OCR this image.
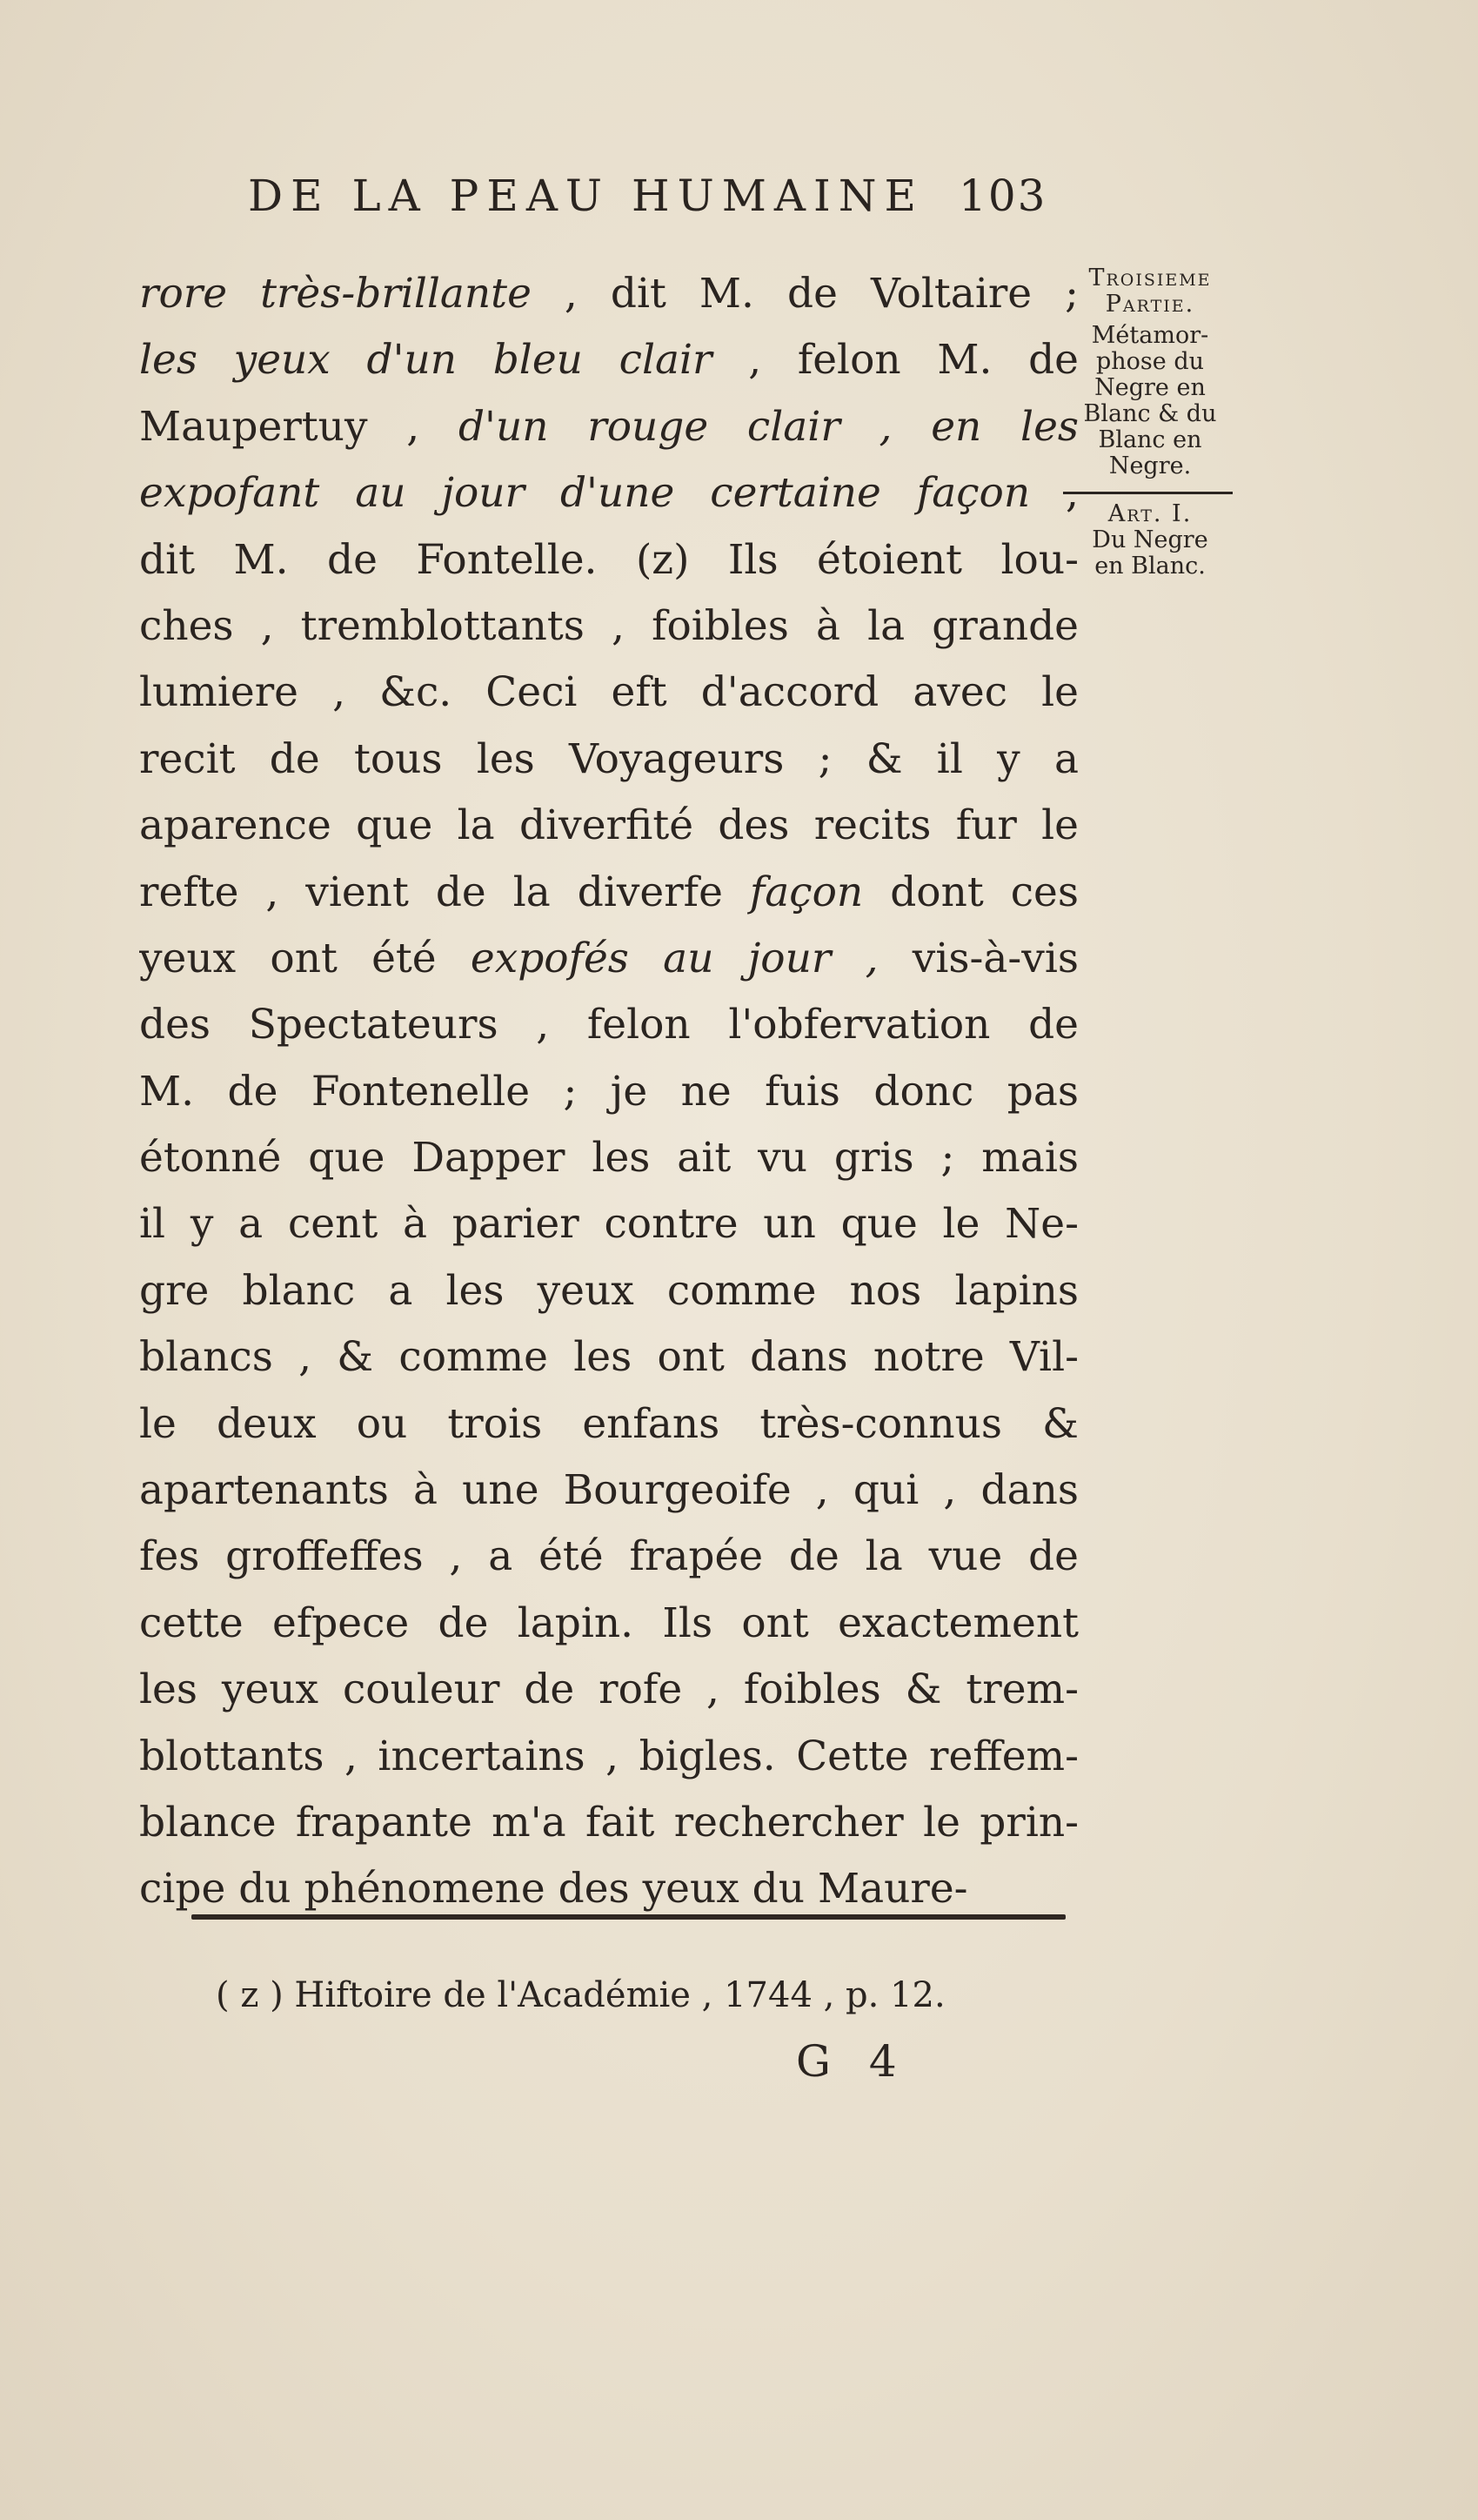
DE LA PEAU HUMAINE 103
rore très-brillante , dit M. de Voltaire ;
les yeux d'un bleu clair , felon M. de
Maupertuy , d'un rouge clair , en les
expofant au jour d'une certaine façon ,
dit M. de Fontelle. (z) Ils étoient lou-
ches , tremblottants , foibles à la grande
lumiere , &c. Ceci eft d'accord avec le
recit de tous les Voyageurs ; & il y a
aparence que la diverfité des recits fur le
refte , vient de la diverfe façon dont ces
yeux ont été expofés au jour , vis-à-vis
des Spectateurs , felon l'obfervation de
M. de Fontenelle ; je ne fuis donc pas
étonné que Dapper les ait vu gris ; mais
il y a cent à parier contre un que le Ne-
gre blanc a les yeux comme nos lapins
blancs , & comme les ont dans notre Vil-
le deux ou trois enfans très-connus &
apartenants à une Bourgeoife , qui , dans
fes groffeffes , a été frapée de la vue de
cette efpece de lapin. Ils ont exactement
les yeux couleur de rofe , foibles & trem-
blottants , incertains , bigles. Cette reffem-
blance frapante m'a fait rechercher le prin-
cipe du phénomene des yeux du Maure-
Troisieme
Partie.
Métamor-
phose du
Negre en
Blanc & du
Blanc en
Negre.
Art. I.
Du Negre
en Blanc.
( z ) Hiftoire de l'Académie , 1744 , p. 12.
G 4
